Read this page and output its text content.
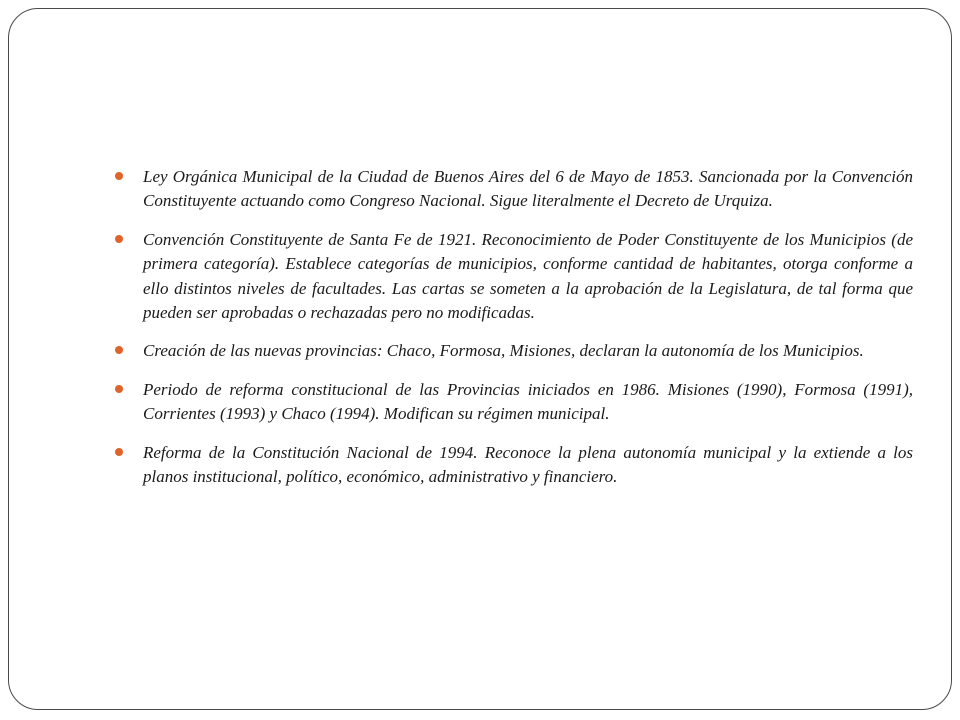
Ley Orgánica Municipal de la Ciudad de Buenos Aires del 6 de Mayo de 1853. Sancionada por la Convención Constituyente actuando como Congreso Nacional. Sigue literalmente el Decreto de Urquiza.
Convención Constituyente de Santa Fe de 1921. Reconocimiento de Poder Constituyente de los Municipios (de primera categoría). Establece categorías de municipios, conforme cantidad de habitantes, otorga conforme a ello distintos niveles de facultades. Las cartas se someten a la aprobación de la Legislatura, de tal forma que pueden ser aprobadas o rechazadas pero no modificadas.
Creación de las nuevas provincias: Chaco, Formosa, Misiones, declaran la autonomía de los Municipios.
Periodo de reforma constitucional de las Provincias iniciados en 1986. Misiones (1990), Formosa (1991), Corrientes (1993) y Chaco (1994). Modifican su régimen municipal.
Reforma de la Constitución Nacional de 1994. Reconoce la plena autonomía municipal y la extiende a los planos institucional, político, económico, administrativo y financiero.
